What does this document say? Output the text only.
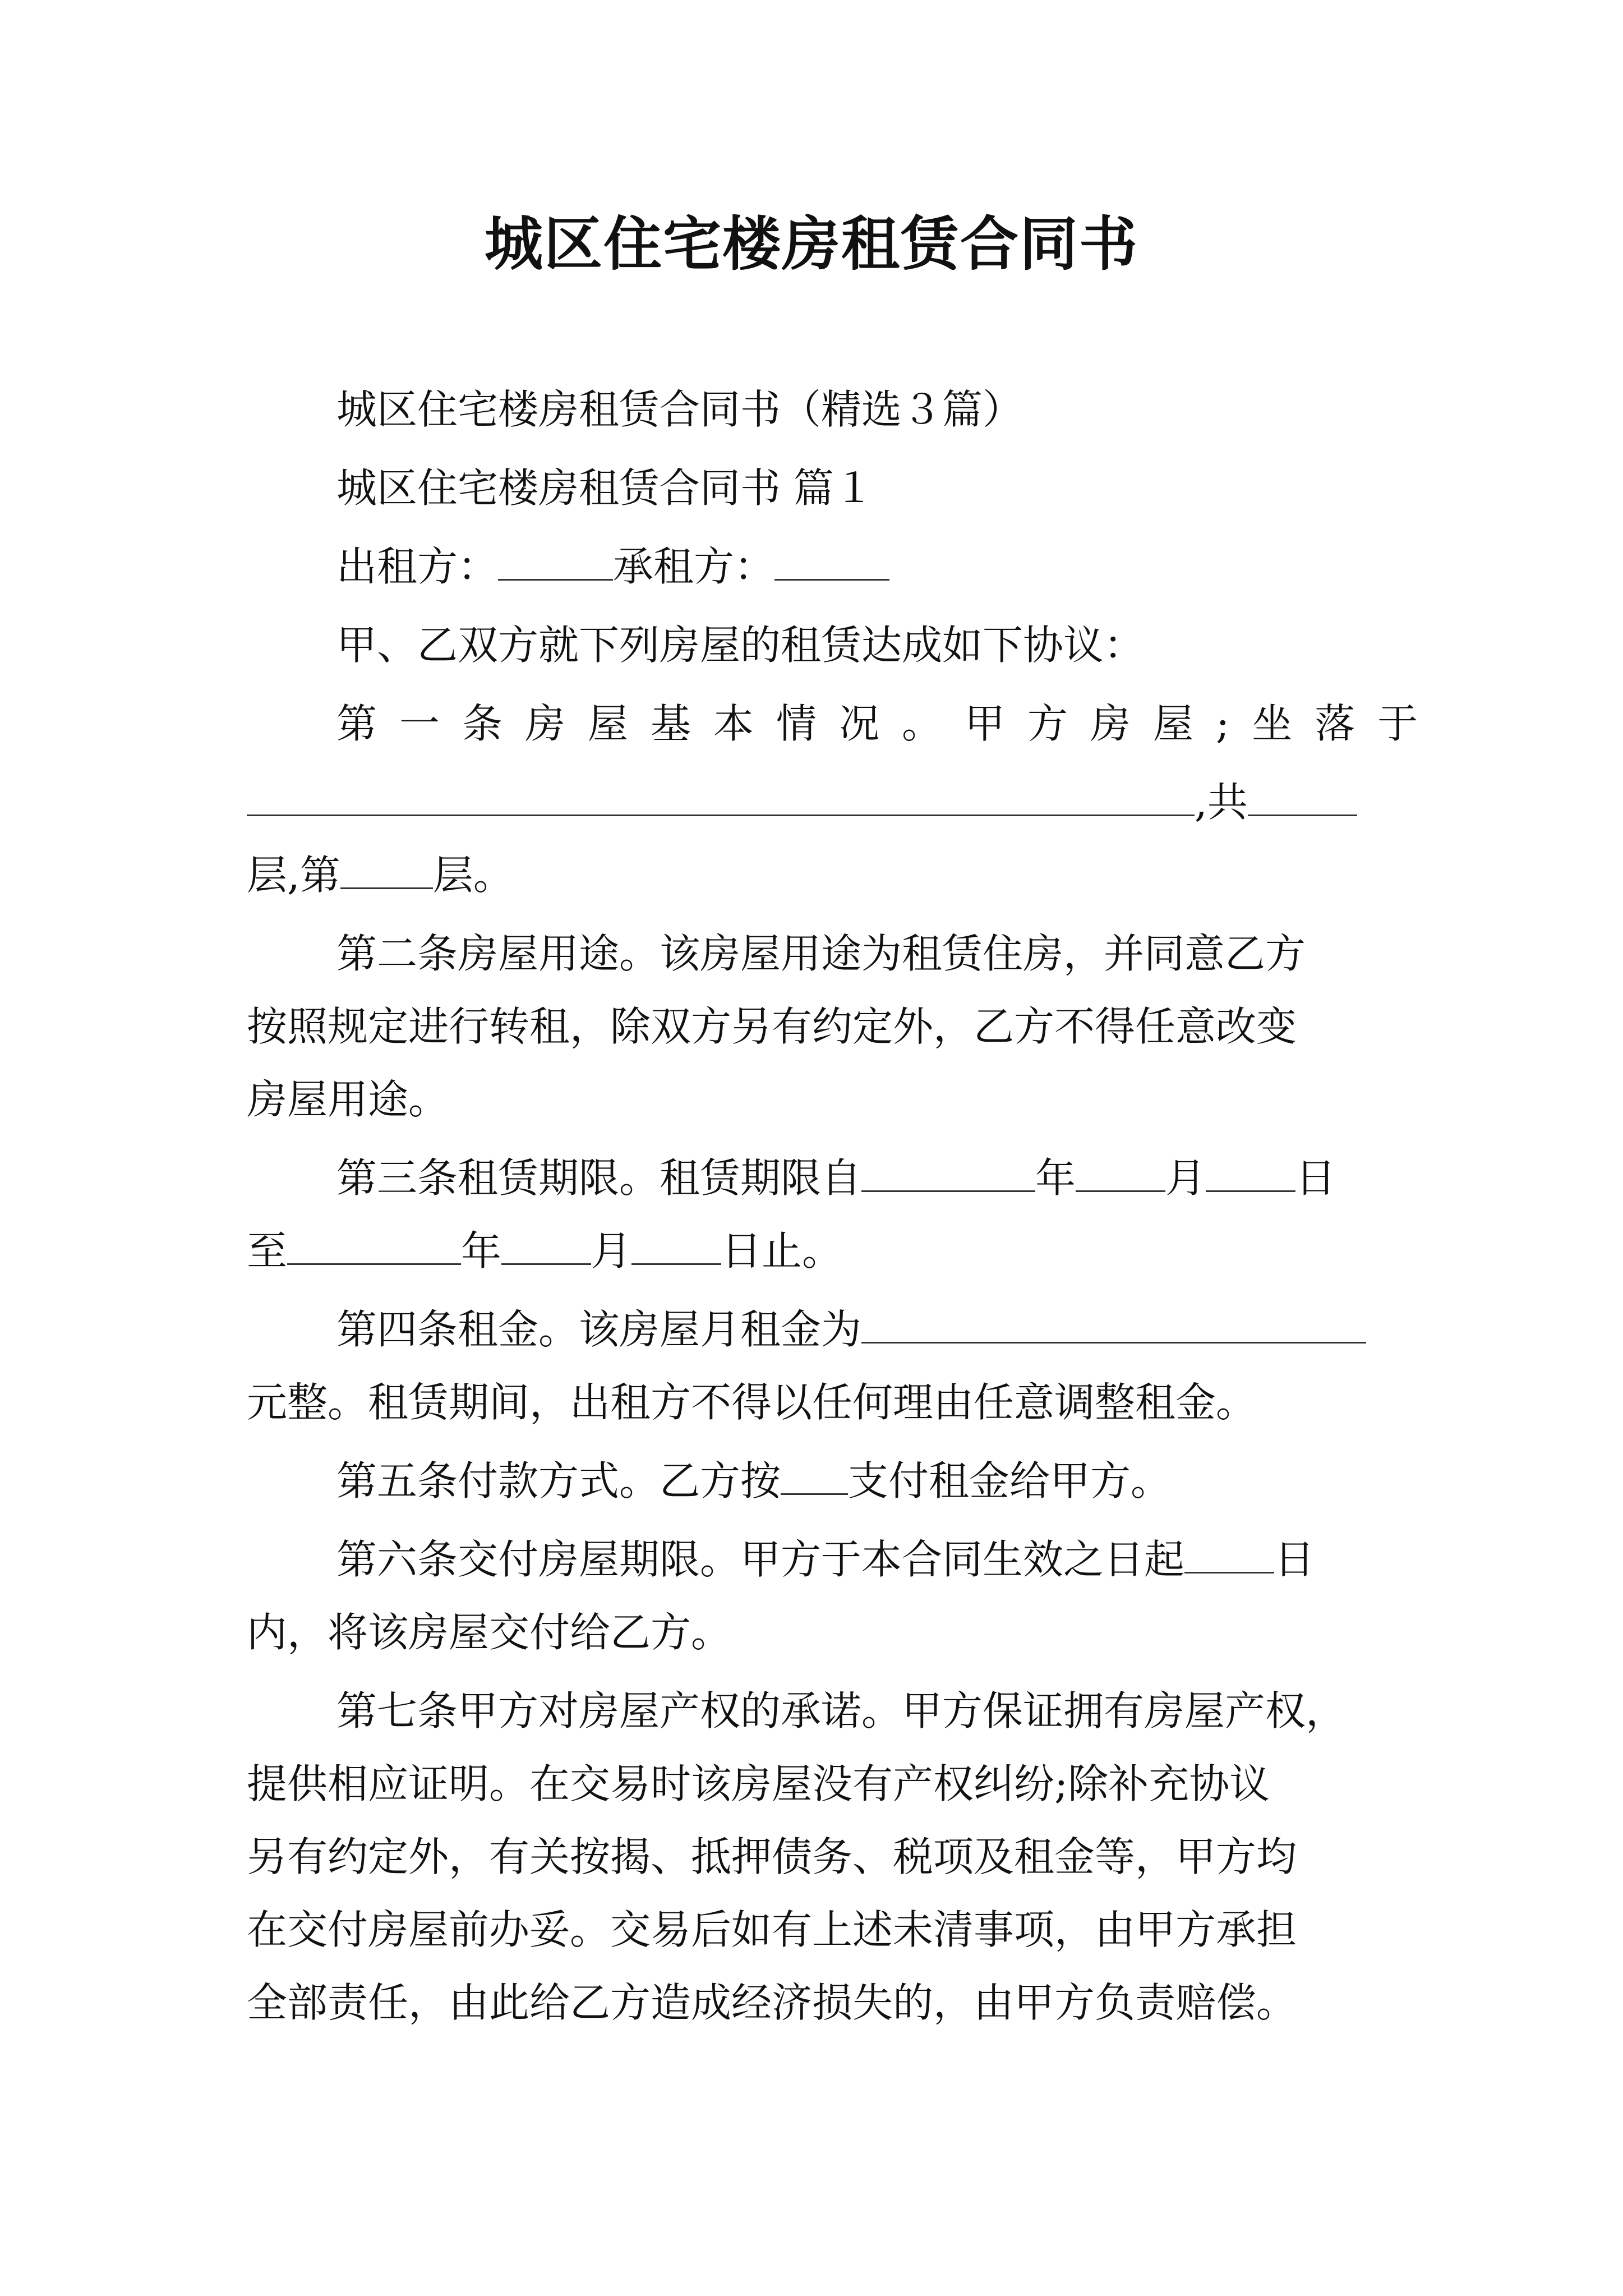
城区住宅楼房租赁合同书
城区住宅楼房租赁合同书（精选３篇）
城区住宅楼房租赁合同书 篇１
出租方：	承租方：
甲、乙双方就下列房屋的租赁达成如下协议：
第一条房屋基本情况。甲方房屋;坐落于
,共
层,第 层。
第二条房屋用途。该房屋用途为租赁住房，并同意乙方
按照规定进行转租，除双方另有约定外，乙方不得任意改变
房屋用途。
第三条租赁期限。租赁期限自	年 月 日
至	年 月 日止。
第四条租金。该房屋月租金为
元整。租赁期间，出租方不得以任何理由任意调整租金。
第五条付款方式。乙方按 支付租金给甲方。
第六条交付房屋期限。甲方于本合同生效之日起 日
内，将该房屋交付给乙方。
第七条甲方对房屋产权的承诺。甲方保证拥有房屋产权，
提供相应证明。在交易时该房屋没有产权纠纷;除补充协议
另有约定外，有关按揭、抵押债务、税项及租金等，甲方均
在交付房屋前办妥。交易后如有上述未清事项，由甲方承担
全部责任，由此给乙方造成经济损失的，由甲方负责赔偿。
